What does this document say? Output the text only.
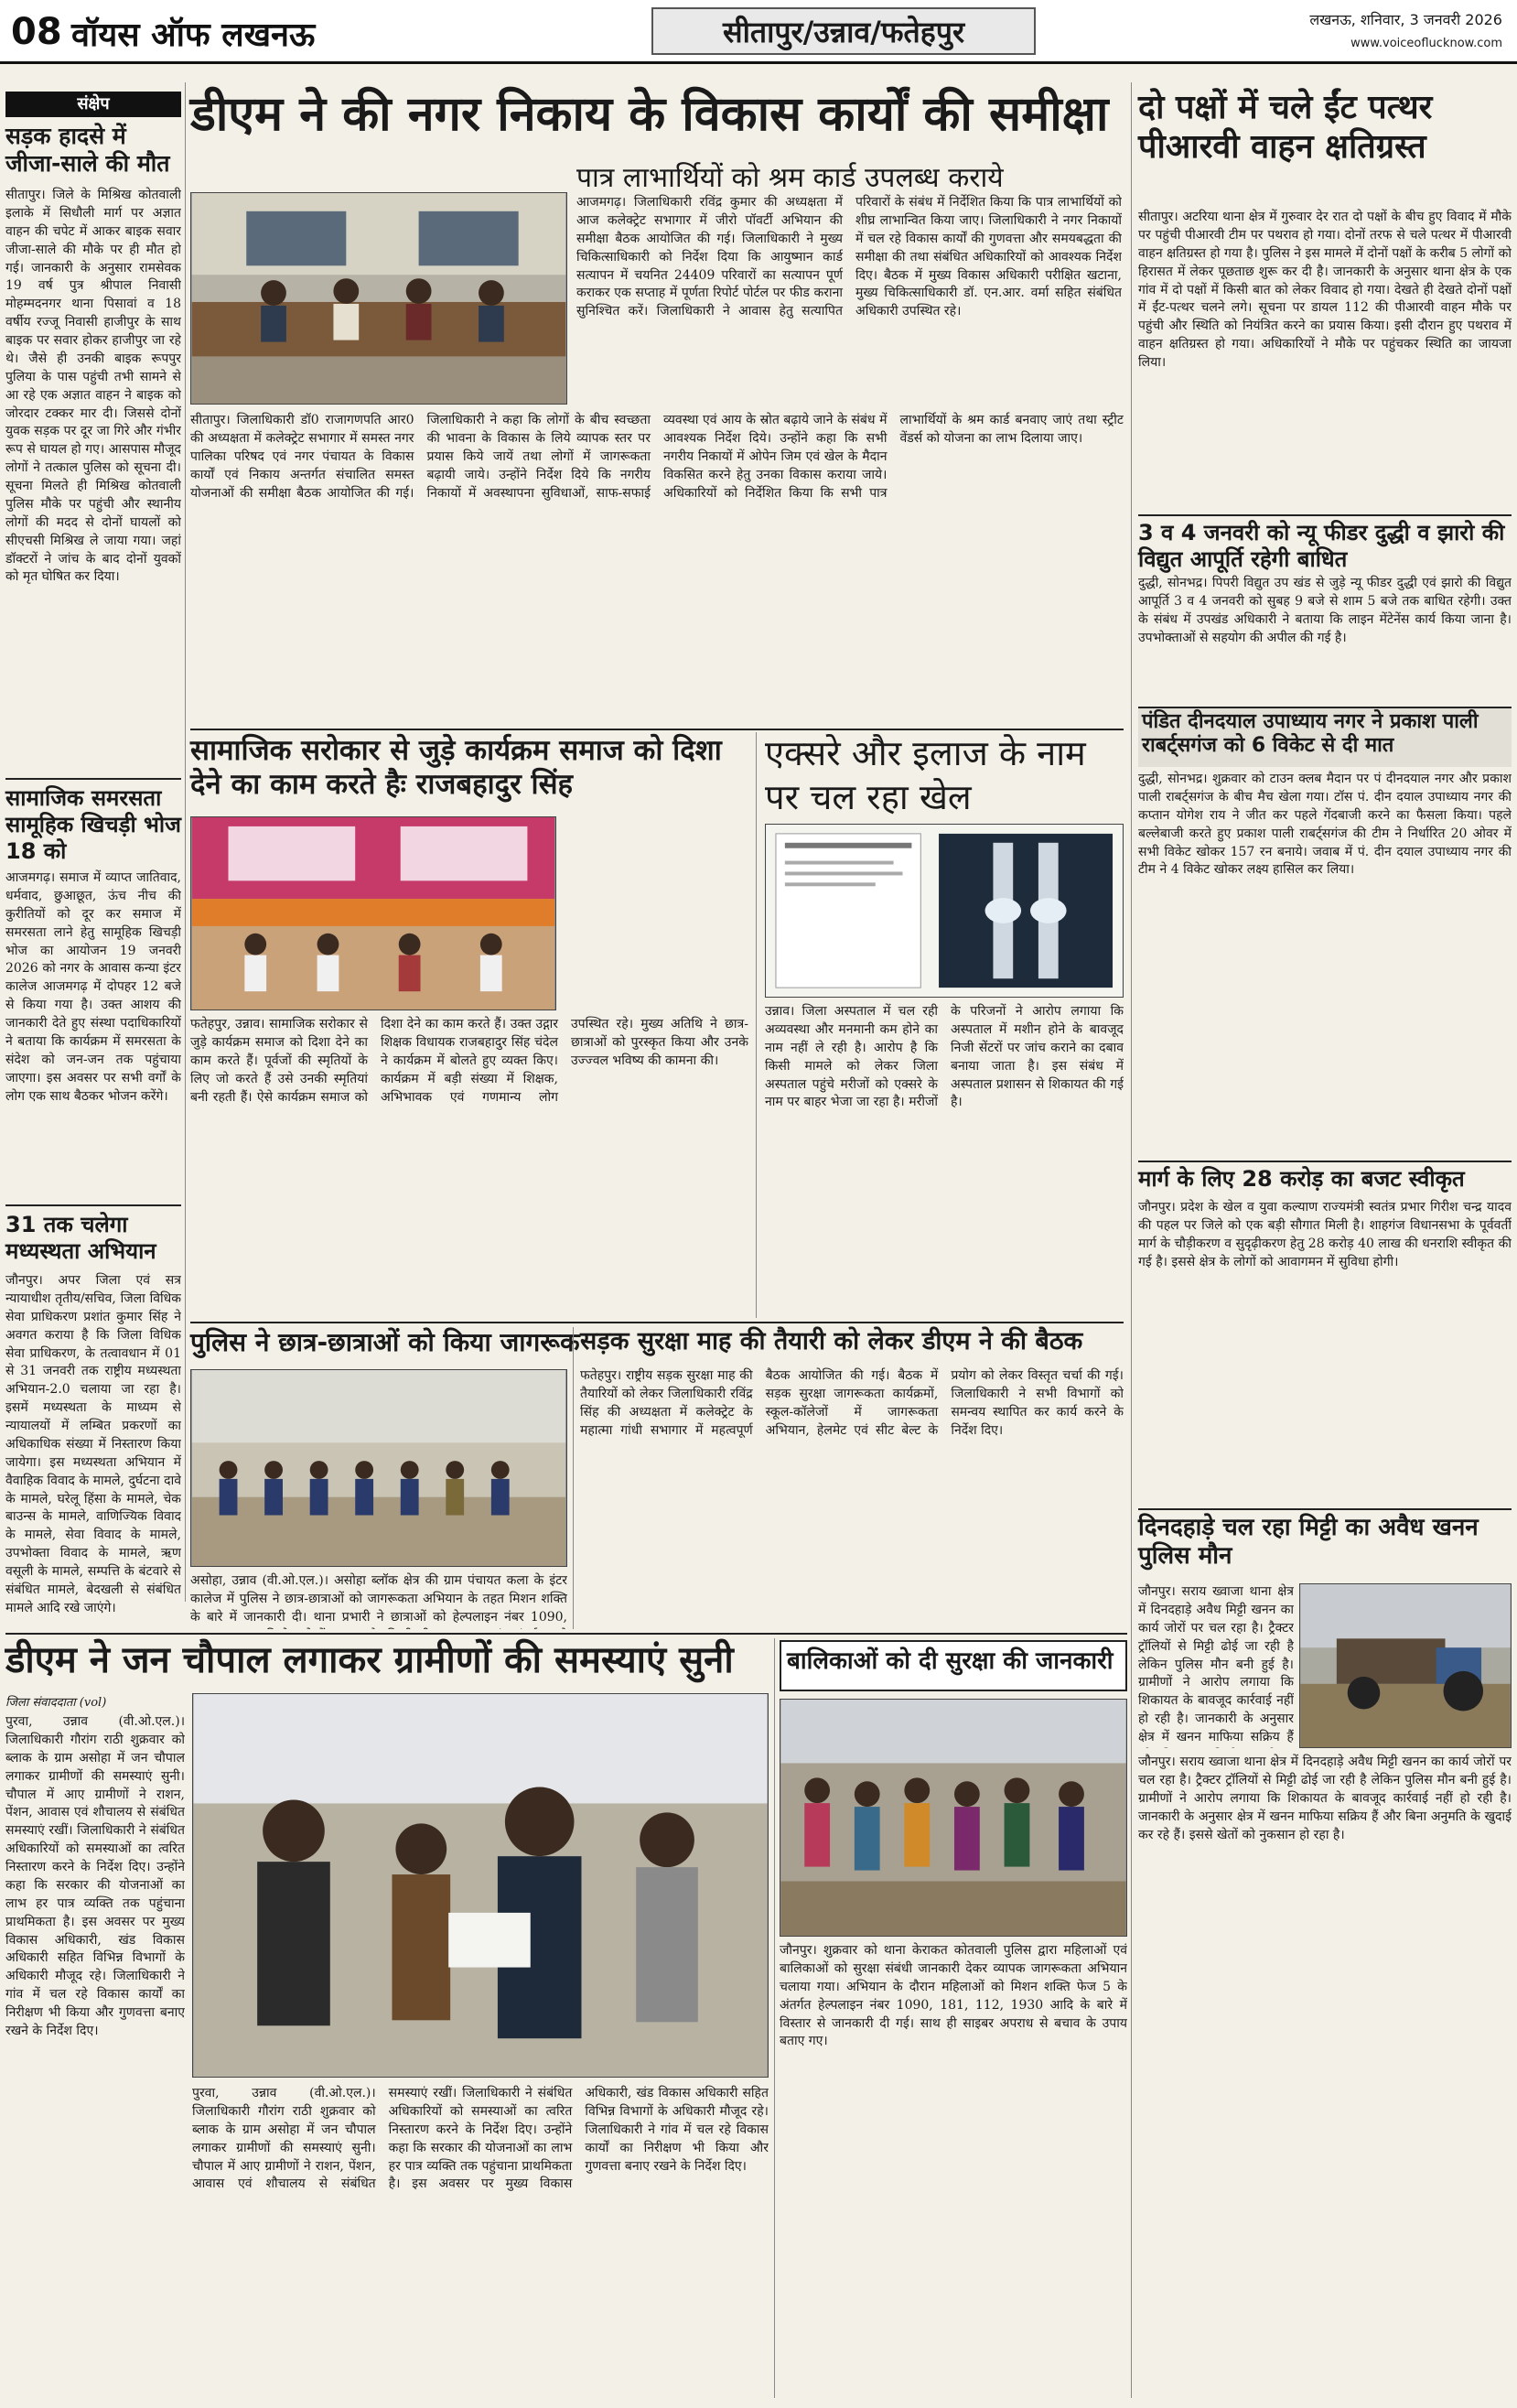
08 वॉयस ऑफ लखनऊ	सीतापुर/उन्नाव/फतेहपुर	लखनऊ, शनिवार, 3 जनवरी 2026
www.voiceoflucknow.com
संक्षेप
सड़क हादसे में जीजा-साले की मौत
सीतापुर। जिले के मिश्रिख कोतवाली इलाके में सिधौली मार्ग पर अज्ञात वाहन की चपेट में आकर बाइक सवार जीजा-साले की मौके पर ही मौत हो गई। जानकारी के अनुसार रामसेवक 19 वर्ष पुत्र श्रीपाल निवासी मोहम्मदनगर थाना पिसावां व 18 वर्षीय रज्जू निवासी हाजीपुर के साथ बाइक पर सवार होकर हाजीपुर जा रहे थे। जैसे ही उनकी बाइक रूपपुर पुलिया के पास पहुंची तभी सामने से आ रहे एक अज्ञात वाहन ने बाइक को जोरदार टक्कर मार दी। जिससे दोनों युवक सड़क पर दूर जा गिरे और गंभीर रूप से घायल हो गए। आसपास मौजूद लोगों ने तत्काल पुलिस को सूचना दी। सूचना मिलते ही मिश्रिख कोतवाली पुलिस मौके पर पहुंची और स्थानीय लोगों की मदद से दोनों घायलों को सीएचसी मिश्रिख ले जाया गया। जहां डॉक्टरों ने जांच के बाद दोनों युवकों को मृत घोषित कर दिया।
सामाजिक समरसता सामूहिक खिचड़ी भोज 18 को
आजमगढ़। समाज में व्याप्त जातिवाद, धर्मवाद, छुआछूत, ऊंच नीच की कुरीतियों को दूर कर समाज में समरसता लाने हेतु सामूहिक खिचड़ी भोज का आयोजन 19 जनवरी 2026 को नगर के आवास कन्या इंटर कालेज आजमगढ़ में दोपहर 12 बजे से किया गया है। उक्त आशय की जानकारी देते हुए संस्था पदाधिकारियों ने बताया कि कार्यक्रम में समरसता के संदेश को जन-जन तक पहुंचाया जाएगा। इस अवसर पर सभी वर्गों के लोग एक साथ बैठकर भोजन करेंगे।
31 तक चलेगा मध्यस्थता अभियान
जौनपुर। अपर जिला एवं सत्र न्यायाधीश तृतीय/सचिव, जिला विधिक सेवा प्राधिकरण प्रशांत कुमार सिंह ने अवगत कराया है कि जिला विधिक सेवा प्राधिकरण, के तत्वावधान में 01 से 31 जनवरी तक राष्ट्रीय मध्यस्थता अभियान-2.0 चलाया जा रहा है। इसमें मध्यस्थता के माध्यम से न्यायालयों में लम्बित प्रकरणों का अधिकाधिक संख्या में निस्तारण किया जायेगा। इस मध्यस्थता अभियान में वैवाहिक विवाद के मामले, दुर्घटना दावे के मामले, घरेलू हिंसा के मामले, चेक बाउन्स के मामले, वाणिज्यिक विवाद के मामले, सेवा विवाद के मामले, उपभोक्ता विवाद के मामले, ऋण वसूली के मामले, सम्पत्ति के बंटवारे से संबंधित मामले, बेदखली से संबंधित मामले आदि रखे जाएंगे।
डीएम ने की नगर निकाय के विकास कार्यों की समीक्षा
पात्र लाभार्थियों को श्रम कार्ड उपलब्ध कराये
आजमगढ़। जिलाधिकारी रविंद्र कुमार की अध्यक्षता में आज कलेक्ट्रेट सभागार में जीरो पॉवर्टी अभियान की समीक्षा बैठक आयोजित की गई। जिलाधिकारी ने मुख्य चिकित्साधिकारी को निर्देश दिया कि आयुष्मान कार्ड सत्यापन में चयनित 24409 परिवारों का सत्यापन पूर्ण कराकर एक सप्ताह में पूर्णता रिपोर्ट पोर्टल पर फीड कराना सुनिश्चित करें। जिलाधिकारी ने आवास हेतु सत्यापित परिवारों के संबंध में निर्देशित किया कि पात्र लाभार्थियों को शीघ्र लाभान्वित किया जाए। जिलाधिकारी ने नगर निकायों में चल रहे विकास कार्यों की गुणवत्ता और समयबद्धता की समीक्षा की तथा संबंधित अधिकारियों को आवश्यक निर्देश दिए। बैठक में मुख्य विकास अधिकारी परीक्षित खटाना, मुख्य चिकित्साधिकारी डॉ. एन.आर. वर्मा सहित संबंधित अधिकारी उपस्थित रहे।
सीतापुर। जिलाधिकारी डॉ0 राजागणपति आर0 की अध्यक्षता में कलेक्ट्रेट सभागार में समस्त नगर पालिका परिषद एवं नगर पंचायत के विकास कार्यों एवं निकाय अन्तर्गत संचालित समस्त योजनाओं की समीक्षा बैठक आयोजित की गई। जिलाधिकारी ने कहा कि लोगों के बीच स्वच्छता की भावना के विकास के लिये व्यापक स्तर पर प्रयास किये जायें तथा लोगों में जागरूकता बढ़ायी जाये। उन्होंने निर्देश दिये कि नगरीय निकायों में अवस्थापना सुविधाओं, साफ-सफाई व्यवस्था एवं आय के स्रोत बढ़ाये जाने के संबंध में आवश्यक निर्देश दिये। उन्होंने कहा कि सभी नगरीय निकायों में ओपेन जिम एवं खेल के मैदान विकसित करने हेतु उनका विकास कराया जाये। अधिकारियों को निर्देशित किया कि सभी पात्र लाभार्थियों के श्रम कार्ड बनवाए जाएं तथा स्ट्रीट वेंडर्स को योजना का लाभ दिलाया जाए।
सामाजिक सरोकार से जुड़े कार्यक्रम समाज को दिशा देने का काम करते हैः राजबहादुर सिंह
फतेहपुर, उन्नाव। सामाजिक सरोकार से जुड़े कार्यक्रम समाज को दिशा देने का काम करते हैं। पूर्वजों की स्मृतियों के लिए जो करते हैं उसे उनकी स्मृतियां बनी रहती हैं। ऐसे कार्यक्रम समाज को दिशा देने का काम करते हैं। उक्त उद्गार शिक्षक विधायक राजबहादुर सिंह चंदेल ने कार्यक्रम में बोलते हुए व्यक्त किए। कार्यक्रम में बड़ी संख्या में शिक्षक, अभिभावक एवं गणमान्य लोग उपस्थित रहे। मुख्य अतिथि ने छात्र-छात्राओं को पुरस्कृत किया और उनके उज्ज्वल भविष्य की कामना की।
एक्सरे और इलाज के नाम पर चल रहा खेल
उन्नाव। जिला अस्पताल में चल रही अव्यवस्था और मनमानी कम होने का नाम नहीं ले रही है। आरोप है कि किसी मामले को लेकर जिला अस्पताल पहुंचे मरीजों को एक्सरे के नाम पर बाहर भेजा जा रहा है। मरीजों के परिजनों ने आरोप लगाया कि अस्पताल में मशीन होने के बावजूद निजी सेंटरों पर जांच कराने का दबाव बनाया जाता है। इस संबंध में अस्पताल प्रशासन से शिकायत की गई है।
पुलिस ने छात्र-छात्राओं को किया जागरूक
असोहा, उन्नाव (वी.ओ.एल.)। असोहा ब्लॉक क्षेत्र की ग्राम पंचायत कला के इंटर कालेज में पुलिस ने छात्र-छात्राओं को जागरूकता अभियान के तहत मिशन शक्ति के बारे में जानकारी दी। थाना प्रभारी ने छात्राओं को हेल्पलाइन नंबर 1090,
सड़क सुरक्षा माह की तैयारी को लेकर डीएम ने की बैठक
फतेहपुर। राष्ट्रीय सड़क सुरक्षा माह की तैयारियों को लेकर जिलाधिकारी रविंद्र सिंह की अध्यक्षता में कलेक्ट्रेट के महात्मा गांधी सभागार में महत्वपूर्ण बैठक आयोजित की गई। बैठक में सड़क सुरक्षा जागरूकता कार्यक्रमों, स्कूल-कॉलेजों में जागरूकता अभियान, हेलमेट एवं सीट बेल्ट के प्रयोग को लेकर विस्तृत चर्चा की गई। जिलाधिकारी ने सभी विभागों को समन्वय स्थापित कर कार्य करने के निर्देश दिए।
दो पक्षों में चले ईंट पत्थर पीआरवी वाहन क्षतिग्रस्त
सीतापुर। अटरिया थाना क्षेत्र में गुरुवार देर रात दो पक्षों के बीच हुए विवाद में मौके पर पहुंची पीआरवी टीम पर पथराव हो गया। दोनों तरफ से चले पत्थर में पीआरवी वाहन क्षतिग्रस्त हो गया है। पुलिस ने इस मामले में दोनों पक्षों के करीब 5 लोगों को हिरासत में लेकर पूछताछ शुरू कर दी है। जानकारी के अनुसार थाना क्षेत्र के एक गांव में दो पक्षों में किसी बात को लेकर विवाद हो गया। देखते ही देखते दोनों पक्षों में ईंट-पत्थर चलने लगे। सूचना पर डायल 112 की पीआरवी वाहन मौके पर पहुंची और स्थिति को नियंत्रित करने का प्रयास किया। इसी दौरान हुए पथराव में वाहन क्षतिग्रस्त हो गया। अधिकारियों ने मौके पर पहुंचकर स्थिति का जायजा लिया।
3 व 4 जनवरी को न्यू फीडर दुद्धी व झारो की विद्युत आपूर्ति रहेगी बाधित
दुद्धी, सोनभद्र। पिपरी विद्युत उप खंड से जुड़े न्यू फीडर दुद्धी एवं झारो की विद्युत आपूर्ति 3 व 4 जनवरी को सुबह 9 बजे से शाम 5 बजे तक बाधित रहेगी। उक्त के संबंध में उपखंड अधिकारी ने बताया कि लाइन मेंटेनेंस कार्य किया जाना है। उपभोक्ताओं से सहयोग की अपील की गई है।
पंडित दीनदयाल उपाध्याय नगर ने प्रकाश पाली राबर्ट्सगंज को 6 विकेट से दी मात
दुद्धी, सोनभद्र। शुक्रवार को टाउन क्लब मैदान पर पं दीनदयाल नगर और प्रकाश पाली राबर्ट्सगंज के बीच मैच खेला गया। टॉस पं. दीन दयाल उपाध्याय नगर की कप्तान योगेश राय ने जीत कर पहले गेंदबाजी करने का फैसला किया। पहले बल्लेबाजी करते हुए प्रकाश पाली राबर्ट्सगंज की टीम ने निर्धारित 20 ओवर में सभी विकेट खोकर 157 रन बनाये। जवाब में पं. दीन दयाल उपाध्याय नगर की टीम ने 4 विकेट खोकर लक्ष्य हासिल कर लिया।
मार्ग के लिए 28 करोड़ का बजट स्वीकृत
जौनपुर। प्रदेश के खेल व युवा कल्याण राज्यमंत्री स्वतंत्र प्रभार गिरीश चन्द्र यादव की पहल पर जिले को एक बड़ी सौगात मिली है। शाहगंज विधानसभा के पूर्ववर्ती मार्ग के चौड़ीकरण व सुदृढ़ीकरण हेतु 28 करोड़ 40 लाख की धनराशि स्वीकृत की गई है। इससे क्षेत्र के लोगों को आवागमन में सुविधा होगी।
दिनदहाड़े चल रहा मिट्टी का अवैध खनन पुलिस मौन
जौनपुर। सराय ख्वाजा थाना क्षेत्र में दिनदहाड़े अवैध मिट्टी खनन का कार्य जोरों पर चल रहा है। ट्रैक्टर ट्रॉलियों से मिट्टी ढोई जा रही है लेकिन पुलिस मौन बनी हुई है। ग्रामीणों ने आरोप लगाया कि शिकायत के बावजूद कार्रवाई नहीं हो रही है। जानकारी के अनुसार क्षेत्र में खनन माफिया सक्रिय हैं
जौनपुर। सराय ख्वाजा थाना क्षेत्र में दिनदहाड़े अवैध मिट्टी खनन का कार्य जोरों पर चल रहा है। ट्रैक्टर ट्रॉलियों से मिट्टी ढोई जा रही है लेकिन पुलिस मौन बनी हुई है। ग्रामीणों ने आरोप लगाया कि शिकायत के बावजूद कार्रवाई नहीं हो रही है। जानकारी के अनुसार क्षेत्र में खनन माफिया सक्रिय हैं और बिना अनुमति के खुदाई कर रहे हैं। इससे खेतों को नुकसान हो रहा है।
डीएम ने जन चौपाल लगाकर ग्रामीणों की समस्याएं सुनी
जिला संवाददाता (vol)
पुरवा, उन्नाव (वी.ओ.एल.)। जिलाधिकारी गौरांग राठी शुक्रवार को ब्लाक के ग्राम असोहा में जन चौपाल लगाकर ग्रामीणों की समस्याएं सुनी। चौपाल में आए ग्रामीणों ने राशन, पेंशन, आवास एवं शौचालय से संबंधित समस्याएं रखीं। जिलाधिकारी ने संबंधित अधिकारियों को समस्याओं का त्वरित निस्तारण करने के निर्देश दिए। उन्होंने कहा कि सरकार की योजनाओं का लाभ हर पात्र व्यक्ति तक पहुंचाना प्राथमिकता है। इस अवसर पर मुख्य विकास अधिकारी, खंड विकास अधिकारी सहित विभिन्न विभागों के अधिकारी मौजूद रहे। जिलाधिकारी ने गांव में चल रहे विकास कार्यों का निरीक्षण भी किया और गुणवत्ता बनाए रखने के निर्देश दिए।
पुरवा, उन्नाव (वी.ओ.एल.)। जिलाधिकारी गौरांग राठी शुक्रवार को ब्लाक के ग्राम असोहा में जन चौपाल लगाकर ग्रामीणों की समस्याएं सुनी। चौपाल में आए ग्रामीणों ने राशन, पेंशन, आवास एवं शौचालय से संबंधित समस्याएं रखीं। जिलाधिकारी ने संबंधित अधिकारियों को समस्याओं का त्वरित निस्तारण करने के निर्देश दिए। उन्होंने कहा कि सरकार की योजनाओं का लाभ हर पात्र व्यक्ति तक पहुंचाना प्राथमिकता है। इस अवसर पर मुख्य विकास अधिकारी, खंड विकास अधिकारी सहित विभिन्न विभागों के अधिकारी मौजूद रहे। जिलाधिकारी ने गांव में चल रहे विकास कार्यों का निरीक्षण भी किया और गुणवत्ता बनाए रखने के निर्देश दिए।
बालिकाओं को दी सुरक्षा की जानकारी
जौनपुर। शुक्रवार को थाना केराकत कोतवाली पुलिस द्वारा महिलाओं एवं बालिकाओं को सुरक्षा संबंधी जानकारी देकर व्यापक जागरूकता अभियान चलाया गया। अभियान के दौरान महिलाओं को मिशन शक्ति फेज 5 के अंतर्गत हेल्पलाइन नंबर 1090, 181, 112, 1930 आदि के बारे में विस्तार से जानकारी दी गई। साथ ही साइबर अपराध से बचाव के उपाय बताए गए।
